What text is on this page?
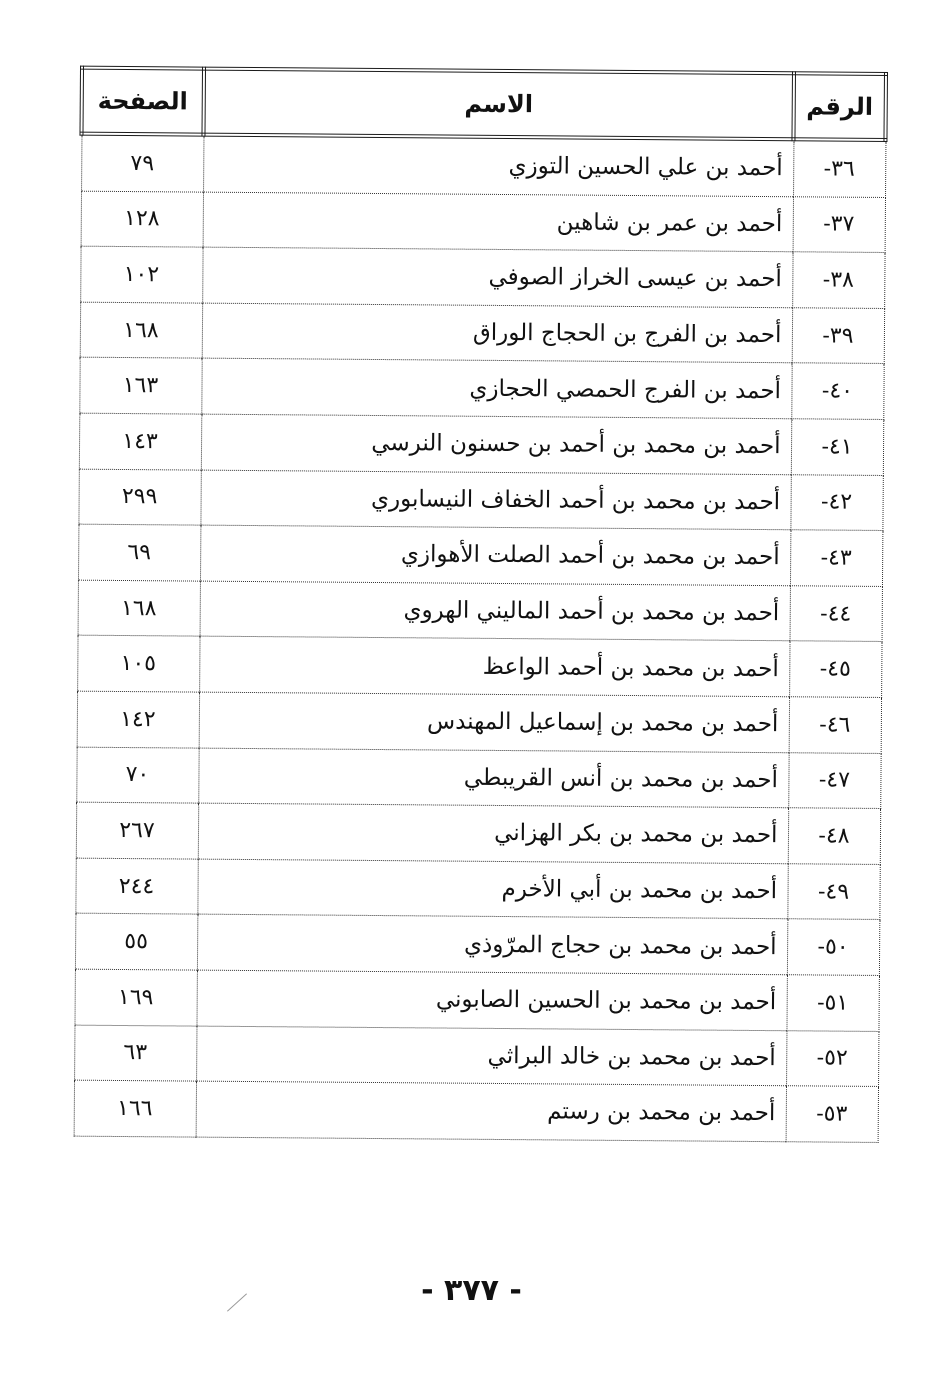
الرقم	الاسم	الصفحة
٣٦-	أحمد بن علي الحسين التوزي	٧٩
٣٧-	أحمد بن عمر بن شاهين	١٢٨
٣٨-	أحمد بن عيسى الخراز الصوفي	١٠٢
٣٩-	أحمد بن الفرج بن الحجاج الوراق	١٦٨
٤٠-	أحمد بن الفرج الحمصي الحجازي	١٦٣
٤١-	أحمد بن محمد بن أحمد بن حسنون النرسي	١٤٣
٤٢-	أحمد بن محمد بن أحمد الخفاف النيسابوري	٢٩٩
٤٣-	أحمد بن محمد بن أحمد الصلت الأهوازي	٦٩
٤٤-	أحمد بن محمد بن أحمد الماليني الهروي	١٦٨
٤٥-	أحمد بن محمد بن أحمد الواعظ	١٠٥
٤٦-	أحمد بن محمد بن إسماعيل المهندس	١٤٢
٤٧-	أحمد بن محمد بن أنس القريبطي	٧٠
٤٨-	أحمد بن محمد بن بكر الهزاني	٢٦٧
٤٩-	أحمد بن محمد بن أبي الأخرم	٢٤٤
٥٠-	أحمد بن محمد بن حجاج المرّوذي	٥٥
٥١-	أحمد بن محمد بن الحسين الصابوني	١٦٩
٥٢-	أحمد بن محمد بن خالد البراثي	٦٣
٥٣-	أحمد بن محمد بن رستم	١٦٦
- ٣٧٧ -
